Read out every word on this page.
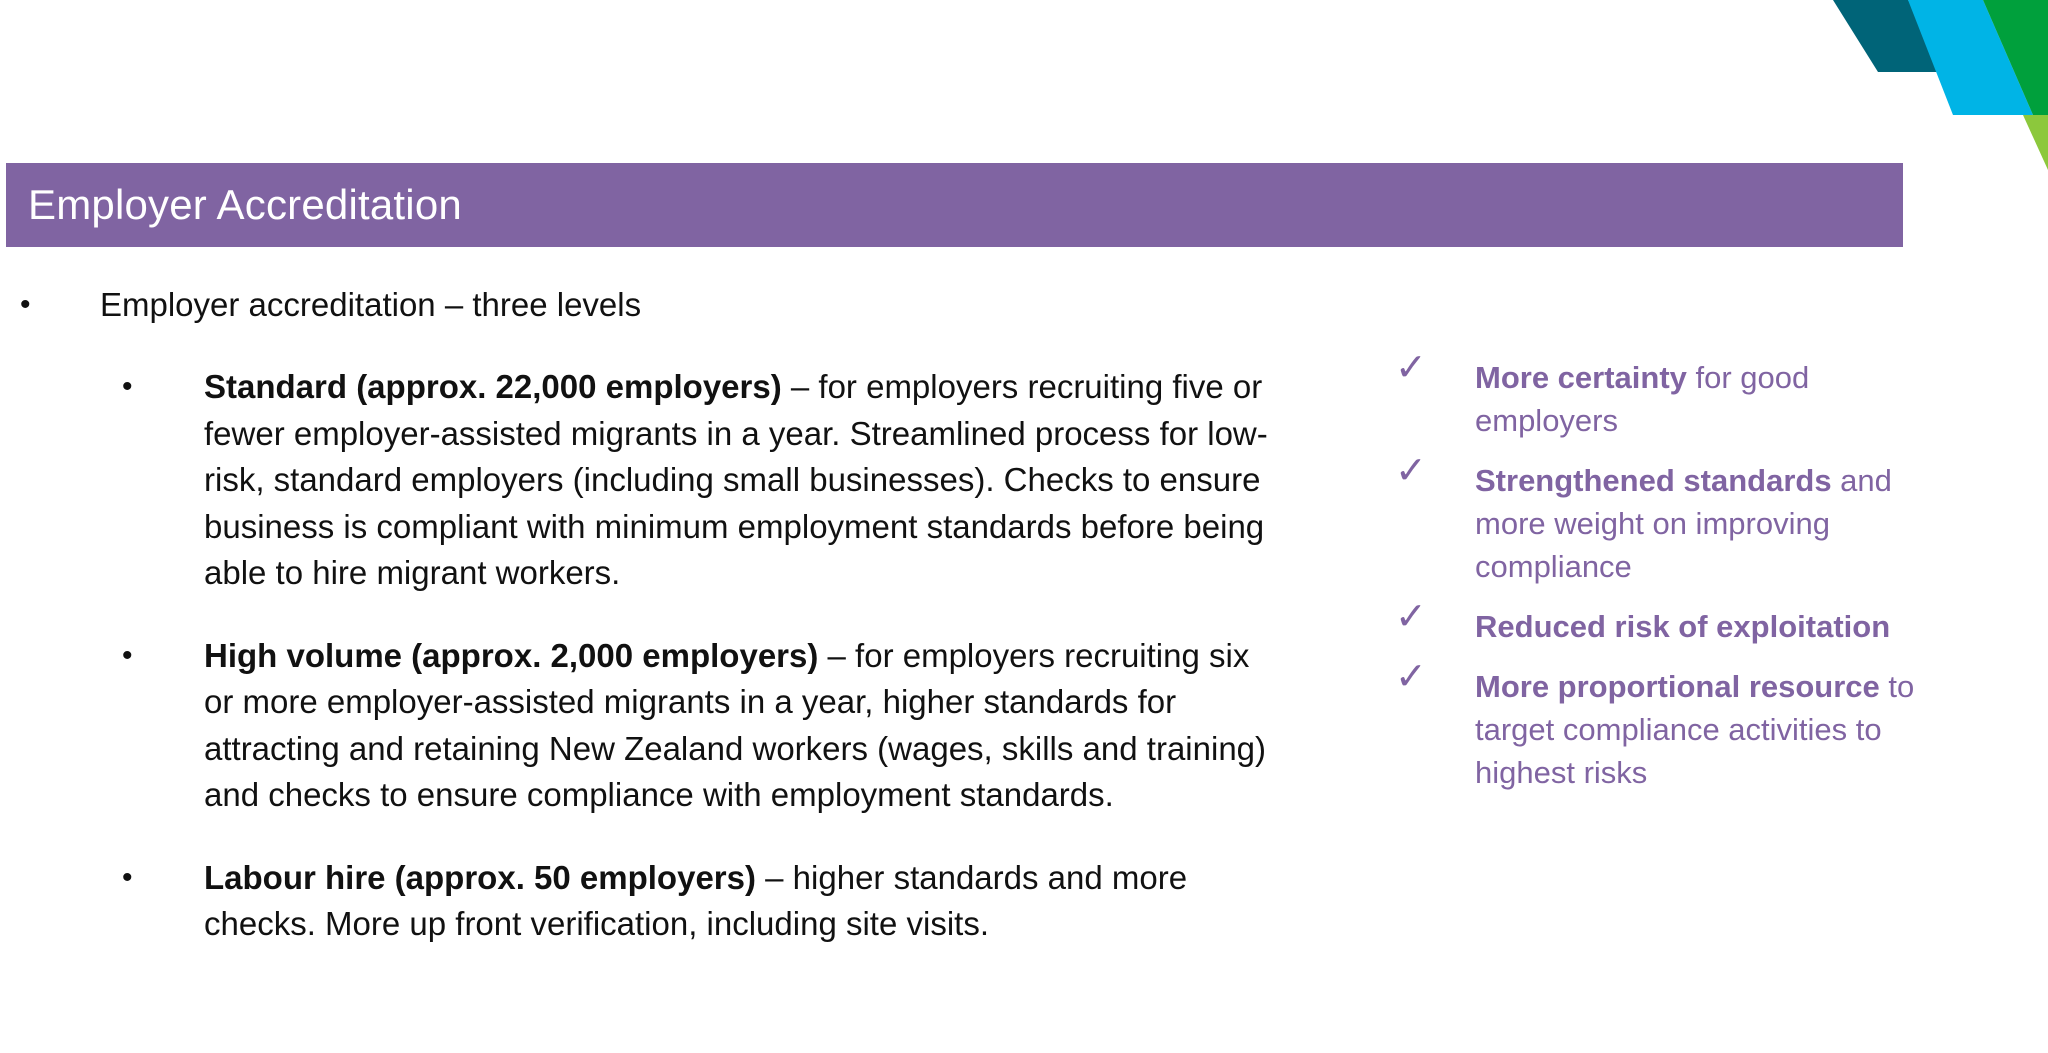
Employer Accreditation
•	Employer accreditation – three levels
•	Standard (approx. 22,000 employers) – for employers recruiting five or fewer employer-assisted migrants in a year. Streamlined process for low-risk, standard employers (including small businesses). Checks to ensure business is compliant with minimum employment standards before being able to hire migrant workers.
•	High volume (approx. 2,000 employers) – for employers recruiting six or more employer-assisted migrants in a year, higher standards for attracting and retaining New Zealand workers (wages, skills and training) and checks to ensure compliance with employment standards.
•	Labour hire (approx. 50 employers) – higher standards and more checks. More up front verification, including site visits.
✓	More certainty for good employers
✓	Strengthened standards and more weight on improving compliance
✓	Reduced risk of exploitation
✓	More proportional resource to target compliance activities to highest risks
